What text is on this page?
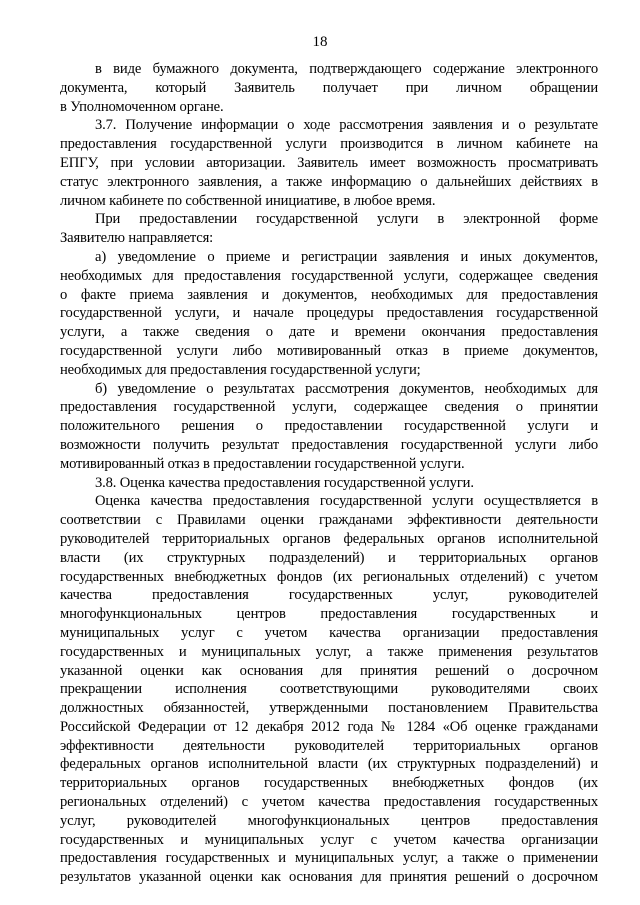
18
в виде бумажного документа, подтверждающего содержание электронного
документа, который Заявитель получает при личном обращении
в Уполномоченном органе.
3.7. Получение информации о ходе рассмотрения заявления и о результате
предоставления государственной услуги производится в личном кабинете на
ЕПГУ, при условии авторизации. Заявитель имеет возможность просматривать
статус электронного заявления, а также информацию о дальнейших действиях в
личном кабинете по собственной инициативе, в любое время.
При предоставлении государственной услуги в электронной форме
Заявителю направляется:
а) уведомление о приеме и регистрации заявления и иных документов,
необходимых для предоставления государственной услуги, содержащее сведения
о факте приема заявления и документов, необходимых для предоставления
государственной услуги, и начале процедуры предоставления государственной
услуги, а также сведения о дате и времени окончания предоставления
государственной услуги либо мотивированный отказ в приеме документов,
необходимых для предоставления государственной услуги;
б) уведомление о результатах рассмотрения документов, необходимых для
предоставления государственной услуги, содержащее сведения о принятии
положительного решения о предоставлении государственной услуги и
возможности получить результат предоставления государственной услуги либо
мотивированный отказ в предоставлении государственной услуги.
3.8. Оценка качества предоставления государственной услуги.
Оценка качества предоставления государственной услуги осуществляется в
соответствии с Правилами оценки гражданами эффективности деятельности
руководителей территориальных органов федеральных органов исполнительной
власти (их структурных подразделений) и территориальных органов
государственных внебюджетных фондов (их региональных отделений) с учетом
качества предоставления государственных услуг, руководителей
многофункциональных центров предоставления государственных и
муниципальных услуг с учетом качества организации предоставления
государственных и муниципальных услуг, а также применения результатов
указанной оценки как основания для принятия решений о досрочном
прекращении исполнения соответствующими руководителями своих
должностных обязанностей, утвержденными постановлением Правительства
Российской Федерации от 12 декабря 2012 года № 1284 «Об оценке гражданами
эффективности деятельности руководителей территориальных органов
федеральных органов исполнительной власти (их структурных подразделений) и
территориальных органов государственных внебюджетных фондов (их
региональных отделений) с учетом качества предоставления государственных
услуг, руководителей многофункциональных центров предоставления
государственных и муниципальных услуг с учетом качества организации
предоставления государственных и муниципальных услуг, а также о применении
результатов указанной оценки как основания для принятия решений о досрочном
